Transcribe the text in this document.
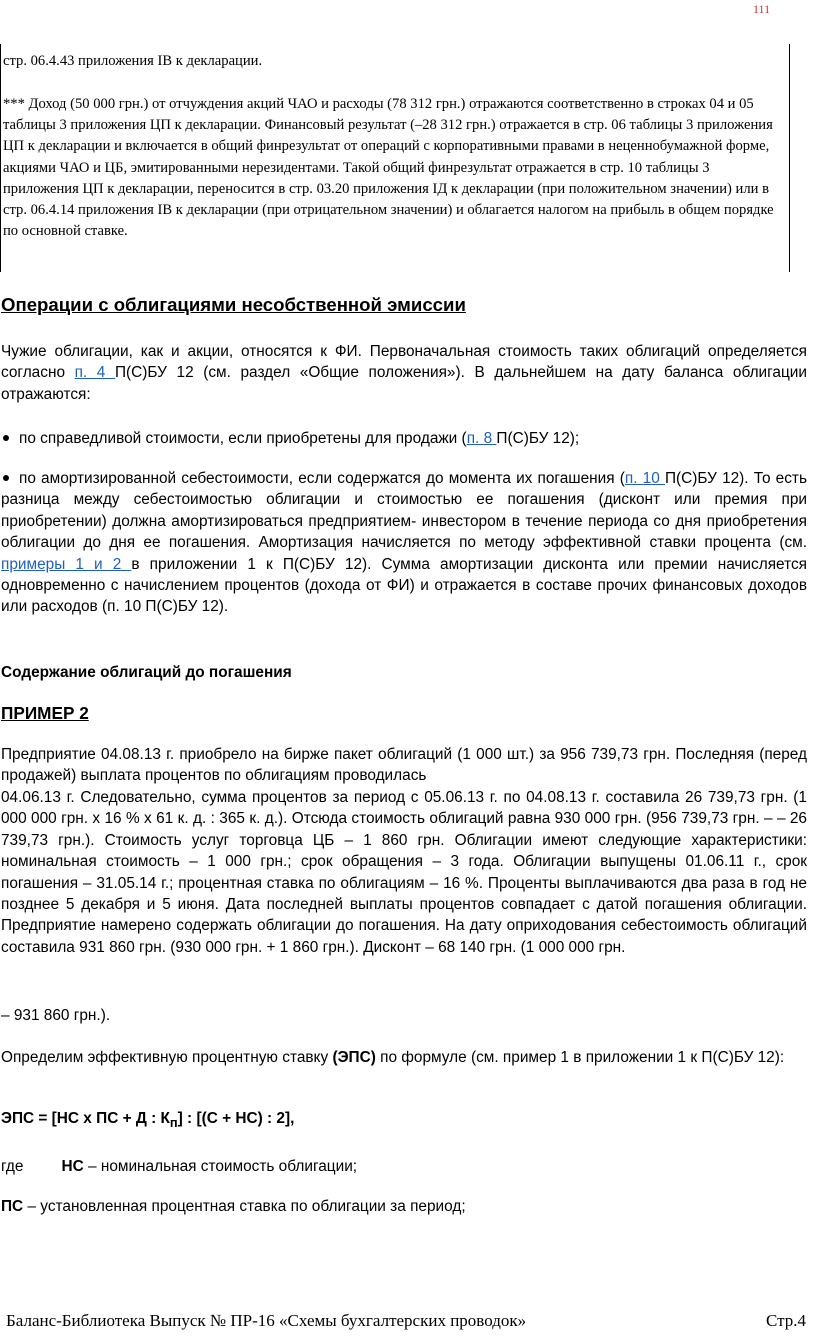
111

стр. 06.4.43 приложения ІВ к декларации.

*** Доход (50 000 грн.) от отчуждения акций ЧАО и расходы (78 312 грн.) отражаются соответственно в строках 04 и 05 таблицы 3 приложения ЦП к декларации. Финансовый результат (–28 312 грн.) отражается в стр. 06 таблицы 3 приложения ЦП к декларации и включается в общий финрезультат от операций с корпоративными правами в неценнобумажной форме, акциями ЧАО и ЦБ, эмитированными нерезидентами. Такой общий финрезультат отражается в стр. 10 таблицы 3 приложения ЦП к декларации, переносится в стр. 03.20 приложения ІД к декларации (при положительном значении) или в стр. 06.4.14 приложения ІВ к декларации (при отрицательном значении) и облагается налогом на прибыль в общем порядке по основной ставке.

Операции с облигациями несобственной эмиссии

Чужие облигации, как и акции, относятся к ФИ. Первоначальная стоимость таких облигаций определяется согласно п. 4 П(С)БУ 12 (см. раздел «Общие положения»). В дальнейшем на дату баланса облигации отражаются:

по справедливой стоимости, если приобретены для продажи (п. 8 П(С)БУ 12);

по амортизированной себестоимости, если содержатся до момента их погашения (п. 10 П(С)БУ 12). То есть разница между себестоимостью облигации и стоимостью ее погашения (дисконт или премия при приобретении) должна амортизироваться предприятием- инвестором в течение периода со дня приобретения облигации до дня ее погашения. Амортизация начисляется по методу эффективной ставки процента (см. примеры 1 и 2 в приложении 1 к П(С)БУ 12). Сумма амортизации дисконта или премии начисляется одновременно с начислением процентов (дохода от ФИ) и отражается в составе прочих финансовых доходов или расходов (п. 10 П(С)БУ 12).

Содержание облигаций до погашения

ПРИМЕР 2

Предприятие 04.08.13 г. приобрело на бирже пакет облигаций (1 000 шт.) за 956 739,73 грн. Последняя (перед продажей) выплата процентов по облигациям проводилась

04.06.13 г. Следовательно, сумма процентов за период с 05.06.13 г. по 04.08.13 г. составила 26 739,73 грн. (1 000 000 грн. х 16 % х 61 к. д. : 365 к. д.). Отсюда стоимость облигаций равна 930 000 грн. (956 739,73 грн. – – 26 739,73 грн.). Стоимость услуг торговца ЦБ – 1 860 грн. Облигации имеют следующие характеристики: номинальная стоимость – 1 000 грн.; срок обращения – 3 года. Облигации выпущены 01.06.11 г., срок погашения – 31.05.14 г.; процентная ставка по облигациям – 16 %. Проценты выплачиваются два раза в год не позднее 5 декабря и 5 июня. Дата последней выплаты процентов совпадает с датой погашения облигации. Предприятие намерено содержать облигации до погашения. На дату оприходования себестоимость облигаций составила 931 860 грн. (930 000 грн. + 1 860 грн.). Дисконт – 68 140 грн. (1 000 000 грн.

– 931 860 грн.).

Определим эффективную процентную ставку (ЭПС) по формуле (см. пример 1 в приложении 1 к П(С)БУ 12):

ЭПС = [НС х ПС + Д : $К_п$] : [(С + НС) : 2],

где НС – номинальная стоимость облигации;

ПС – установленная процентная ставка по облигации за период;

Баланс-Библиотека Выпуск № ПР-16 «Схемы бухгалтерских проводок»	Стр.4
